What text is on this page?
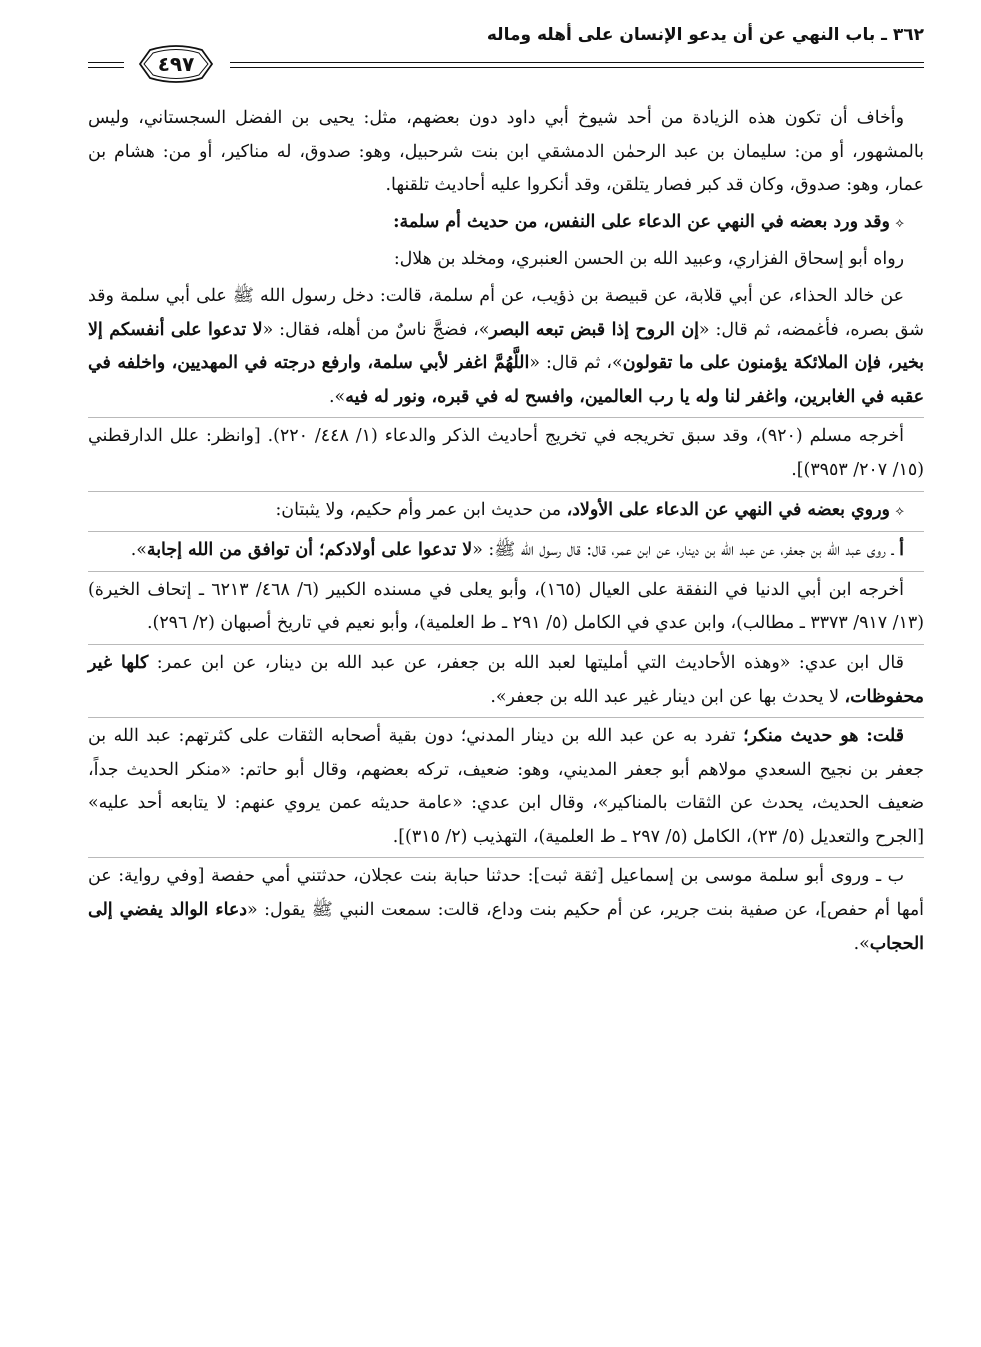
٣٦٢ ـ باب النهي عن أن يدعو الإنسان على أهله وماله
٤٩٧

وأخاف أن تكون هذه الزيادة من أحد شيوخ أبي داود دون بعضهم، مثل: يحيى بن الفضل السجستاني، وليس بالمشهور، أو من: سليمان بن عبد الرحمٰن الدمشقي ابن بنت شرحبيل، وهو: صدوق، له مناكير، أو من: هشام بن عمار، وهو: صدوق، وكان قد كبر فصار يتلقن، وقد أنكروا عليه أحاديث تلقنها.

⟡ وقد ورد بعضه في النهي عن الدعاء على النفس، من حديث أم سلمة:

رواه أبو إسحاق الفزاري، وعبيد الله بن الحسن العنبري، ومخلد بن هلال:

عن خالد الحذاء، عن أبي قلابة، عن قبيصة بن ذؤيب، عن أم سلمة، قالت: دخل رسول الله ﷺ على أبي سلمة وقد شق بصره، فأغمضه، ثم قال: «إن الروح إذا قبض تبعه البصر»، فضجَّ ناسٌ من أهله، فقال: «لا تدعوا على أنفسكم إلا بخير، فإن الملائكة يؤمنون على ما تقولون»، ثم قال: «اللَّهُمَّ اغفر لأبي سلمة، وارفع درجته في المهديين، واخلفه في عقبه في الغابرين، واغفر لنا وله يا رب العالمين، وافسح له في قبره، ونور له فيه».

أخرجه مسلم (٩٢٠)، وقد سبق تخريجه في تخريج أحاديث الذكر والدعاء (١/ ٤٤٨/ ٢٢٠). [وانظر: علل الدارقطني (١٥/ ٢٠٧/ ٣٩٥٣)].

⟡ وروي بعضه في النهي عن الدعاء على الأولاد، من حديث ابن عمر وأم حكيم، ولا يثبتان:

أ ـ روى عبد الله بن جعفر، عن عبد الله بن دينار، عن ابن عمر، قال: قال رسول الله ﷺ: «لا تدعوا على أولادكم؛ أن توافق من الله إجابة».

أخرجه ابن أبي الدنيا في النفقة على العيال (١٦٥)، وأبو يعلى في مسنده الكبير (٦/ ٤٦٨/ ٦٢١٣ ـ إتحاف الخيرة) (١٣/ ٩١٧/ ٣٣٧٣ ـ مطالب)، وابن عدي في الكامل (٥/ ٢٩١ ـ ط العلمية)، وأبو نعيم في تاريخ أصبهان (٢/ ٢٩٦).

قال ابن عدي: «وهذه الأحاديث التي أمليتها لعبد الله بن جعفر، عن عبد الله بن دينار، عن ابن عمر: كلها غير محفوظات، لا يحدث بها عن ابن دينار غير عبد الله بن جعفر».

قلت: هو حديث منكر؛ تفرد به عن عبد الله بن دينار المدني؛ دون بقية أصحابه الثقات على كثرتهم: عبد الله بن جعفر بن نجيح السعدي مولاهم أبو جعفر المديني، وهو: ضعيف، تركه بعضهم، وقال أبو حاتم: «منكر الحديث جداً، ضعيف الحديث، يحدث عن الثقات بالمناكير»، وقال ابن عدي: «عامة حديثه عمن يروي عنهم: لا يتابعه أحد عليه» [الجرح والتعديل (٥/ ٢٣)، الكامل (٥/ ٢٩٧ ـ ط العلمية)، التهذيب (٢/ ٣١٥)].

ب ـ وروى أبو سلمة موسى بن إسماعيل [ثقة ثبت]: حدثنا حبابة بنت عجلان، حدثتني أمي حفصة [وفي رواية: عن أمها أم حفص]، عن صفية بنت جرير، عن أم حكيم بنت وداع، قالت: سمعت النبي ﷺ يقول: «دعاء الوالد يفضي إلى الحجاب».
